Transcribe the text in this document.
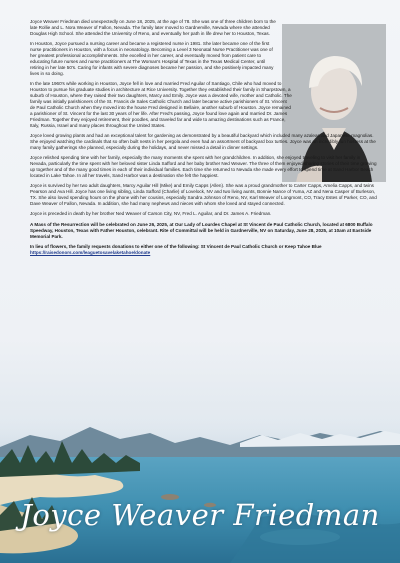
Joyce Weaver Friedman

Joyce Weaver Friedman died unexpectedly on June 18, 2025, at the age of 78. She was one of three children born to the late Rollie and L. Nora Weaver of Fallon, Nevada. The family later moved to Gardnerville, Nevada where she attended Douglas High School. She attended the University of Reno, and eventually her path in life drew her to Houston, Texas.

In Houston, Joyce pursued a nursing career and became a registered nurse in 1981. She later became one of the first nurse practitioners in Houston, with a focus in neonatology. Becoming a Level 3 Neonatal Nurse Practitioner was one of her greatest professional accomplishments. She excelled in her career, and eventually moved from patient care to educating future nurses and nurse practitioners at The Woman's Hospital of Texas in the Texas Medical Center, until retiring in her late 50's. Caring for infants with severe diagnoses became her passion, and she positively impacted many lives in so doing.

In the late 1960's while working in Houston, Joyce fell in love and married Fred Aguilar of Santiago, Chile who had moved to Houston to pursue his graduate studies in architecture at Rice University. Together they established their family in Sharpstown, a suburb of Houston, where they raised their two daughters, Marcy and Emily. Joyce was a devoted wife, mother and Catholic. The family was initially parishioners of the St. Francis de Sales Catholic Church and later became active parishioners of St. Vincent de Paul Catholic Church when they moved into the house Fred designed in Bellaire, another suburb of Houston. Joyce remained a parishioner of St. Vincent for the last 30 years of her life. After Fred's passing, Joyce found love again and married Dr. James Friedman. Together they enjoyed retirement, their poodles, and traveled far and wide to amazing destinations such as France, Italy, Russia, Israel and many places throughout the United States.

Joyce loved growing plants and had an exceptional talent for gardening as demonstrated by a beautiful backyard which included many azaleas and Japanese magnolias. She enjoyed watching the cardinals that so often built nests in her pergola and even had an assortment of backyard box turtles. Joyce was an incredibly fun hostess at the many family gatherings she planned, especially during the holidays, and never missed a detail in dinner settings.

Joyce relished spending time with her family, especially the many moments she spent with her grandchildren. In addition, she enjoyed traveling to visit her family in Nevada, particularly the time spent with her beloved sister Linda Safford and her baby brother Ned Weaver. The three of them enjoyed sharing stories of their time growing up together and of the many good times in each of their individual families. Each time she returned to Nevada she made every effort to spend time at Sand Harbor Beach located in Lake Tahoe. In all her travels, Sand Harbor was a destination she felt the happiest.

Joyce is survived by her two adult daughters, Marcy Aguilar Hill (Mike) and Emily Capps (Allen). She was a proud grandmother to Carter Capps, Amelia Capps, and twins Pearson and Ava Hill. Joyce has one living sibling, Linda Safford (Charlie) of Lovelock, NV and two living aunts, Bonnie Nance of Yuma, AZ and Nena Casper of Burleson, TX. She also loved spending hours on the phone with her cousins, especially Sandra Johnson of Reno, NV, Karl Weaver of Longmont, CO, Tracy Estes of Parker, CO, and Dave Weaver of Fallon, Nevada. In addition, she had many nephews and nieces with whom she loved and stayed connected.

Joyce is preceded in death by her brother Ned Weaver of Carson City, NV, Fred L. Aguilar, and Dr. James A. Friedman.

A Mass of the Resurrection will be celebrated on June 26, 2025, at Our Lady of Lourdes Chapel at St Vincent de Paul Catholic Church, located at 6800 Buffalo Speedway, Houston, Texas with Father Houston, celebrant. Rite of Committal will be held in Gardnerville, NV on Saturday, June 28, 2025, at 10am at Eastside Memorial Park.

In lieu of flowers, the family requests donations to either one of the following: St Vincent de Paul Catholic Church or Keep Tahoe Blue https://raisedonors.com/leaguetosavelaketahoe/donate
